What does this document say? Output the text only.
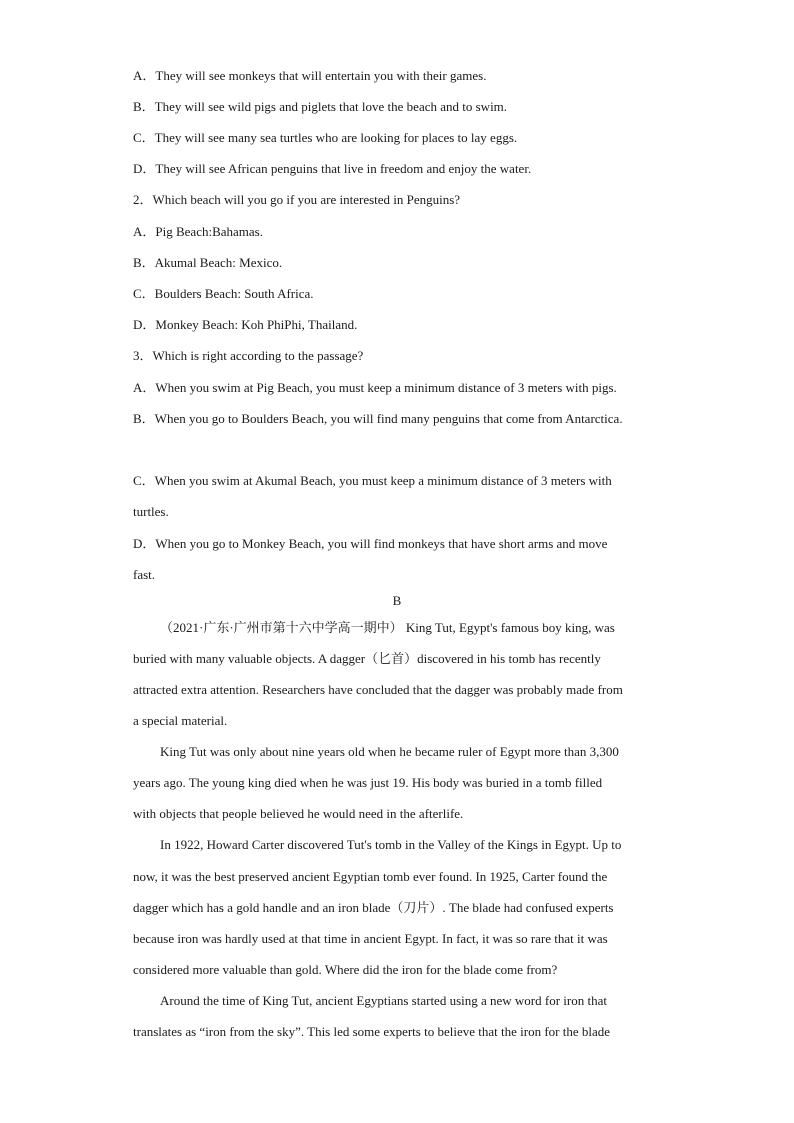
A．They will see monkeys that will entertain you with their games.
B．They will see wild pigs and piglets that love the beach and to swim.
C．They will see many sea turtles who are looking for places to lay eggs.
D．They will see African penguins that live in freedom and enjoy the water.
2．Which beach will you go if you are interested in Penguins?
A．Pig Beach:Bahamas.
B．Akumal Beach: Mexico.
C．Boulders Beach: South Africa.
D．Monkey Beach: Koh PhiPhi, Thailand.
3．Which is right according to the passage?
A．When you swim at Pig Beach, you must keep a minimum distance of 3 meters with pigs.
B．When you go to Boulders Beach, you will find many penguins that come from Antarctica.
C．When you swim at Akumal Beach, you must keep a minimum distance of 3 meters with
turtles.
D．When you go to Monkey Beach, you will find monkeys that have short arms and move
fast.
B
（2021·广东·广州市第十六中学高一期中） King Tut, Egypt's famous boy king, was
buried with many valuable objects. A dagger（匕首）discovered in his tomb has recently
attracted extra attention. Researchers have concluded that the dagger was probably made from
a special material.
King Tut was only about nine years old when he became ruler of Egypt more than 3,300
years ago. The young king died when he was just 19. His body was buried in a tomb filled
with objects that people believed he would need in the afterlife.
In 1922, Howard Carter discovered Tut's tomb in the Valley of the Kings in Egypt. Up to
now, it was the best preserved ancient Egyptian tomb ever found. In 1925, Carter found the
dagger which has a gold handle and an iron blade（刀片）. The blade had confused experts
because iron was hardly used at that time in ancient Egypt. In fact, it was so rare that it was
considered more valuable than gold. Where did the iron for the blade come from?
Around the time of King Tut, ancient Egyptians started using a new word for iron that
translates as “iron from the sky”. This led some experts to believe that the iron for the blade
